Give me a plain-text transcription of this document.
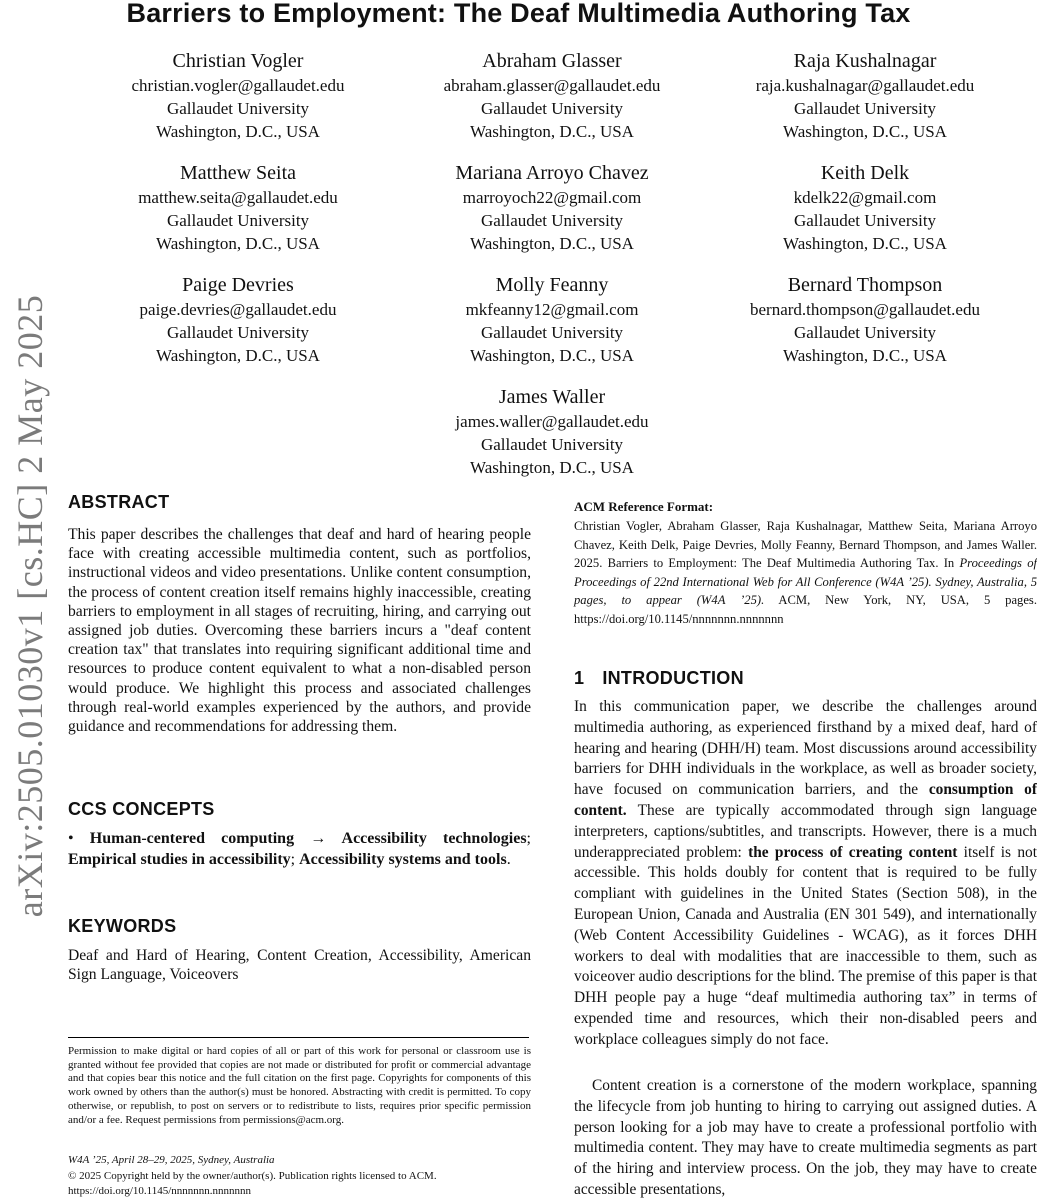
Barriers to Employment: The Deaf Multimedia Authoring Tax
arXiv:2505.01030v1 [cs.HC] 2 May 2025
Christian Vogler
christian.vogler@gallaudet.edu
Gallaudet University
Washington, D.C., USA
Abraham Glasser
abraham.glasser@gallaudet.edu
Gallaudet University
Washington, D.C., USA
Raja Kushalnagar
raja.kushalnagar@gallaudet.edu
Gallaudet University
Washington, D.C., USA
Matthew Seita
matthew.seita@gallaudet.edu
Gallaudet University
Washington, D.C., USA
Mariana Arroyo Chavez
marroyoch22@gmail.com
Gallaudet University
Washington, D.C., USA
Keith Delk
kdelk22@gmail.com
Gallaudet University
Washington, D.C., USA
Paige Devries
paige.devries@gallaudet.edu
Gallaudet University
Washington, D.C., USA
Molly Feanny
mkfeanny12@gmail.com
Gallaudet University
Washington, D.C., USA
Bernard Thompson
bernard.thompson@gallaudet.edu
Gallaudet University
Washington, D.C., USA
James Waller
james.waller@gallaudet.edu
Gallaudet University
Washington, D.C., USA
ABSTRACT
This paper describes the challenges that deaf and hard of hearing people face with creating accessible multimedia content, such as portfolios, instructional videos and video presentations. Unlike content consumption, the process of content creation itself remains highly inaccessible, creating barriers to employment in all stages of recruiting, hiring, and carrying out assigned job duties. Overcoming these barriers incurs a "deaf content creation tax" that translates into requiring significant additional time and resources to produce content equivalent to what a non-disabled person would produce. We highlight this process and associated challenges through real-world examples experienced by the authors, and provide guidance and recommendations for addressing them.
CCS CONCEPTS
• Human-centered computing → Accessibility technologies; Empirical studies in accessibility; Accessibility systems and tools.
KEYWORDS
Deaf and Hard of Hearing, Content Creation, Accessibility, American Sign Language, Voiceovers
Permission to make digital or hard copies of all or part of this work for personal or classroom use is granted without fee provided that copies are not made or distributed for profit or commercial advantage and that copies bear this notice and the full citation on the first page. Copyrights for components of this work owned by others than the author(s) must be honored. Abstracting with credit is permitted. To copy otherwise, or republish, to post on servers or to redistribute to lists, requires prior specific permission and/or a fee. Request permissions from permissions@acm.org.
W4A ’25, April 28–29, 2025, Sydney, Australia
© 2025 Copyright held by the owner/author(s). Publication rights licensed to ACM.
https://doi.org/10.1145/nnnnnnn.nnnnnnn
ACM Reference Format:
Christian Vogler, Abraham Glasser, Raja Kushalnagar, Matthew Seita, Mariana Arroyo Chavez, Keith Delk, Paige Devries, Molly Feanny, Bernard Thompson, and James Waller. 2025. Barriers to Employment: The Deaf Multimedia Authoring Tax. In Proceedings of Proceedings of 22nd International Web for All Conference (W4A ’25). Sydney, Australia, 5 pages, to appear (W4A ’25). ACM, New York, NY, USA, 5 pages. https://doi.org/10.1145/nnnnnnn.nnnnnnn
1 INTRODUCTION
In this communication paper, we describe the challenges around multimedia authoring, as experienced firsthand by a mixed deaf, hard of hearing and hearing (DHH/H) team. Most discussions around accessibility barriers for DHH individuals in the workplace, as well as broader society, have focused on communication barriers, and the consumption of content. These are typically accommodated through sign language interpreters, captions/subtitles, and transcripts. However, there is a much underappreciated problem: the process of creating content itself is not accessible. This holds doubly for content that is required to be fully compliant with guidelines in the United States (Section 508), in the European Union, Canada and Australia (EN 301 549), and internationally (Web Content Accessibility Guidelines - WCAG), as it forces DHH workers to deal with modalities that are inaccessible to them, such as voiceover audio descriptions for the blind. The premise of this paper is that DHH people pay a huge “deaf multimedia authoring tax” in terms of expended time and resources, which their non-disabled peers and workplace colleagues simply do not face.
Content creation is a cornerstone of the modern workplace, spanning the lifecycle from job hunting to hiring to carrying out assigned duties. A person looking for a job may have to create a professional portfolio with multimedia content. They may have to create multimedia segments as part of the hiring and interview process. On the job, they may have to create accessible presentations,
